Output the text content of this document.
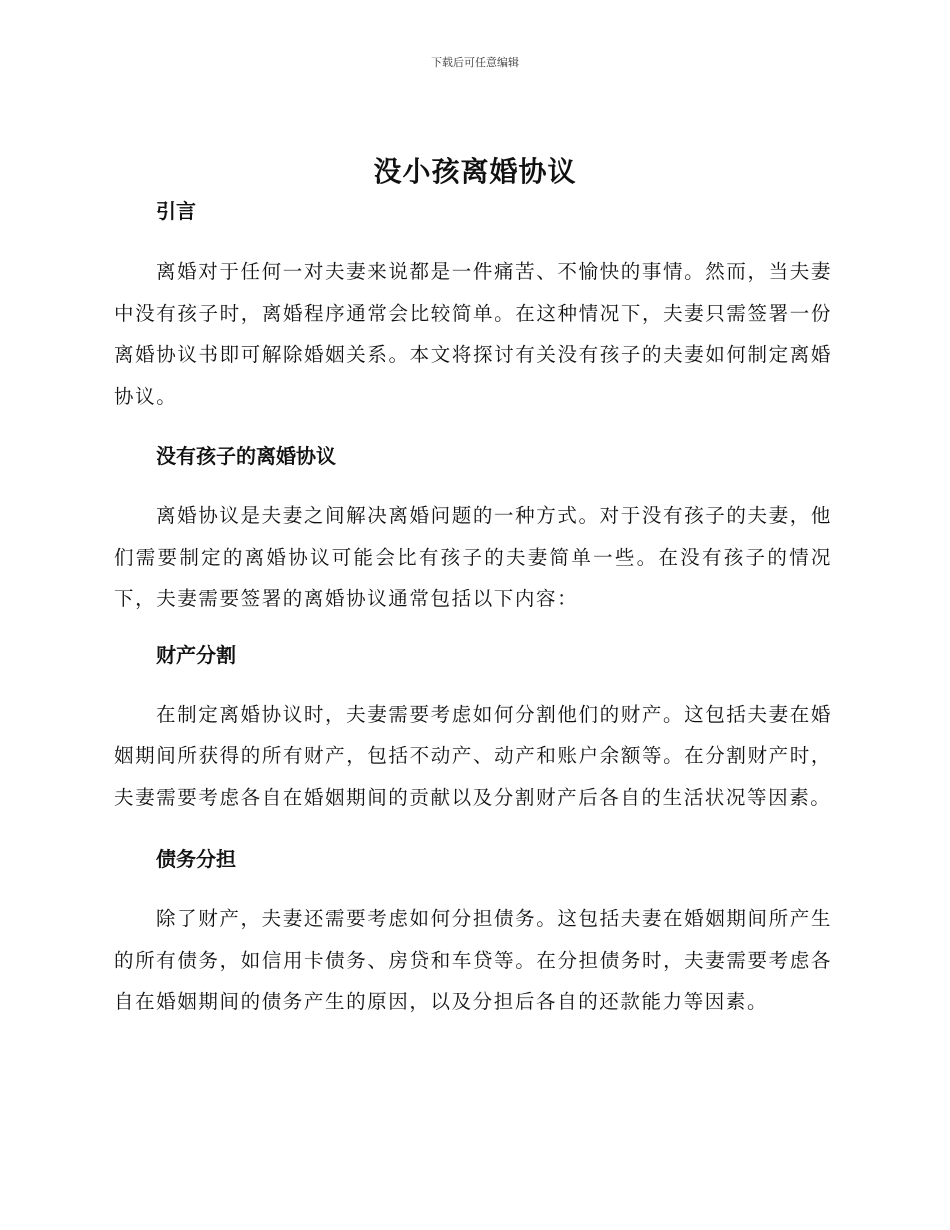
下载后可任意编辑
没小孩离婚协议
引言

离婚对于任何一对夫妻来说都是一件痛苦、不愉快的事情。然而，当夫妻中没有孩子时，离婚程序通常会比较简单。在这种情况下，夫妻只需签署一份离婚协议书即可解除婚姻关系。本文将探讨有关没有孩子的夫妻如何制定离婚协议。

没有孩子的离婚协议

离婚协议是夫妻之间解决离婚问题的一种方式。对于没有孩子的夫妻，他们需要制定的离婚协议可能会比有孩子的夫妻简单一些。在没有孩子的情况下，夫妻需要签署的离婚协议通常包括以下内容：

财产分割

在制定离婚协议时，夫妻需要考虑如何分割他们的财产。这包括夫妻在婚姻期间所获得的所有财产，包括不动产、动产和账户余额等。在分割财产时，夫妻需要考虑各自在婚姻期间的贡献以及分割财产后各自的生活状况等因素。

债务分担

除了财产，夫妻还需要考虑如何分担债务。这包括夫妻在婚姻期间所产生的所有债务，如信用卡债务、房贷和车贷等。在分担债务时，夫妻需要考虑各自在婚姻期间的债务产生的原因，以及分担后各自的还款能力等因素。
